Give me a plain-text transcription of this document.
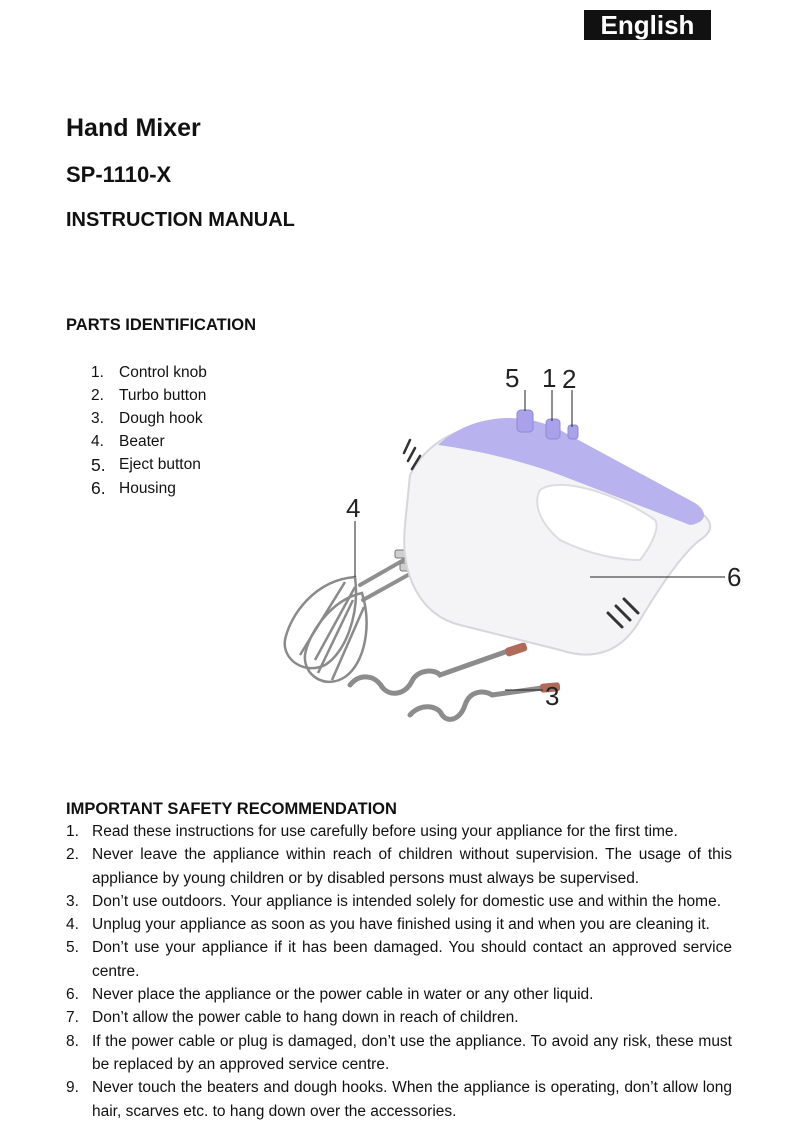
English
Hand Mixer
SP-1110-X
INSTRUCTION MANUAL
PARTS IDENTIFICATION
1. Control knob
2. Turbo button
3. Dough hook
4. Beater
5. Eject button
6. Housing
5 1 2
4
6
3
IMPORTANT SAFETY RECOMMENDATION
1. Read these instructions for use carefully before using your appliance for the first time.
2. Never leave the appliance within reach of children without supervision. The usage of this appliance by young children or by disabled persons must always be supervised.
3. Don’t use outdoors. Your appliance is intended solely for domestic use and within the home.
4. Unplug your appliance as soon as you have finished using it and when you are cleaning it.
5. Don’t use your appliance if it has been damaged. You should contact an approved service centre.
6. Never place the appliance or the power cable in water or any other liquid.
7. Don’t allow the power cable to hang down in reach of children.
8. If the power cable or plug is damaged, don’t use the appliance. To avoid any risk, these must be replaced by an approved service centre.
9. Never touch the beaters and dough hooks. When the appliance is operating, don’t allow long hair, scarves etc. to hang down over the accessories.
